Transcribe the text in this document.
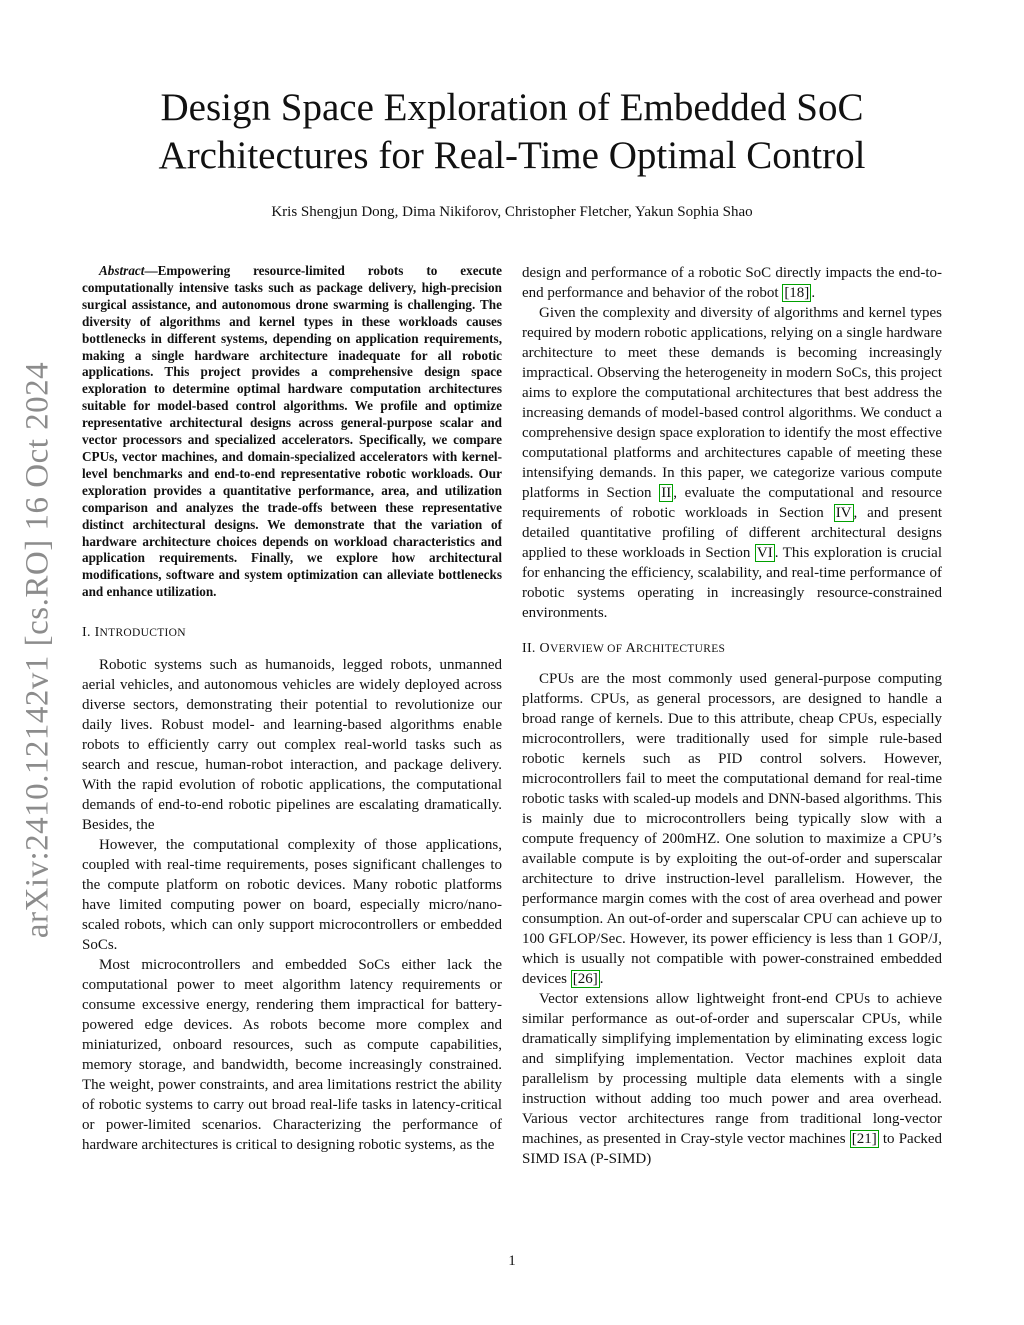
arXiv:2410.12142v1 [cs.RO] 16 Oct 2024
Design Space Exploration of Embedded SoC
Architectures for Real-Time Optimal Control
Kris Shengjun Dong, Dima Nikiforov, Christopher Fletcher, Yakun Sophia Shao

Abstract—Empowering resource-limited robots to execute computationally intensive tasks such as package delivery, high-precision surgical assistance, and autonomous drone swarming is challenging. The diversity of algorithms and kernel types in these workloads causes bottlenecks in different systems, depending on application requirements, making a single hardware architecture inadequate for all robotic applications. This project provides a comprehensive design space exploration to determine optimal hardware computation architectures suitable for model-based control algorithms. We profile and optimize representative architectural designs across general-purpose scalar and vector processors and specialized accelerators. Specifically, we compare CPUs, vector machines, and domain-specialized accelerators with kernel-level benchmarks and end-to-end representative robotic workloads. Our exploration provides a quantitative performance, area, and utilization comparison and analyzes the trade-offs between these representative distinct architectural designs. We demonstrate that the variation of hardware architecture choices depends on workload characteristics and application requirements. Finally, we explore how architectural modifications, software and system optimization can alleviate bottlenecks and enhance utilization.

I. INTRODUCTION

Robotic systems such as humanoids, legged robots, unmanned aerial vehicles, and autonomous vehicles are widely deployed across diverse sectors, demonstrating their potential to revolutionize our daily lives. Robust model- and learning-based algorithms enable robots to efficiently carry out complex real-world tasks such as search and rescue, human-robot interaction, and package delivery. With the rapid evolution of robotic applications, the computational demands of end-to-end robotic pipelines are escalating dramatically. Besides, the

However, the computational complexity of those applications, coupled with real-time requirements, poses significant challenges to the compute platform on robotic devices. Many robotic platforms have limited computing power on board, especially micro/nano-scaled robots, which can only support microcontrollers or embedded SoCs.

Most microcontrollers and embedded SoCs either lack the computational power to meet algorithm latency requirements or consume excessive energy, rendering them impractical for battery-powered edge devices. As robots become more complex and miniaturized, onboard resources, such as compute capabilities, memory storage, and bandwidth, become increasingly constrained. The weight, power constraints, and area limitations restrict the ability of robotic systems to carry out broad real-life tasks in latency-critical or power-limited scenarios. Characterizing the performance of hardware architectures is critical to designing robotic systems, as the

design and performance of a robotic SoC directly impacts the end-to-end performance and behavior of the robot [18] .

Given the complexity and diversity of algorithms and kernel types required by modern robotic applications, relying on a single hardware architecture to meet these demands is becoming increasingly impractical. Observing the heterogeneity in modern SoCs, this project aims to explore the computational architectures that best address the increasing demands of model-based control algorithms. We conduct a comprehensive design space exploration to identify the most effective computational platforms and architectures capable of meeting these intensifying demands. In this paper, we categorize various compute platforms in Section II , evaluate the computational and resource requirements of robotic workloads in Section IV , and present detailed quantitative profiling of different architectural designs applied to these workloads in Section VI . This exploration is crucial for enhancing the efficiency, scalability, and real-time performance of robotic systems operating in increasingly resource-constrained environments.

II. OVERVIEW OF ARCHITECTURES

CPUs are the most commonly used general-purpose computing platforms. CPUs, as general processors, are designed to handle a broad range of kernels. Due to this attribute, cheap CPUs, especially microcontrollers, were traditionally used for simple rule-based robotic kernels such as PID control solvers. However, microcontrollers fail to meet the computational demand for real-time robotic tasks with scaled-up models and DNN-based algorithms. This is mainly due to microcontrollers being typically slow with a compute frequency of 200mHZ. One solution to maximize a CPU’s available compute is by exploiting the out-of-order and superscalar architecture to drive instruction-level parallelism. However, the performance margin comes with the cost of area overhead and power consumption. An out-of-order and superscalar CPU can achieve up to 100 GFLOP/Sec. However, its power efficiency is less than 1 GOP/J, which is usually not compatible with power-constrained embedded devices [26] .

Vector extensions allow lightweight front-end CPUs to achieve similar performance as out-of-order and superscalar CPUs, while dramatically simplifying implementation by eliminating excess logic and simplifying implementation. Vector machines exploit data parallelism by processing multiple data elements with a single instruction without adding too much power and area overhead. Various vector architectures range from traditional long-vector machines, as presented in Cray-style vector machines [21] to Packed SIMD ISA (P-SIMD)

1
